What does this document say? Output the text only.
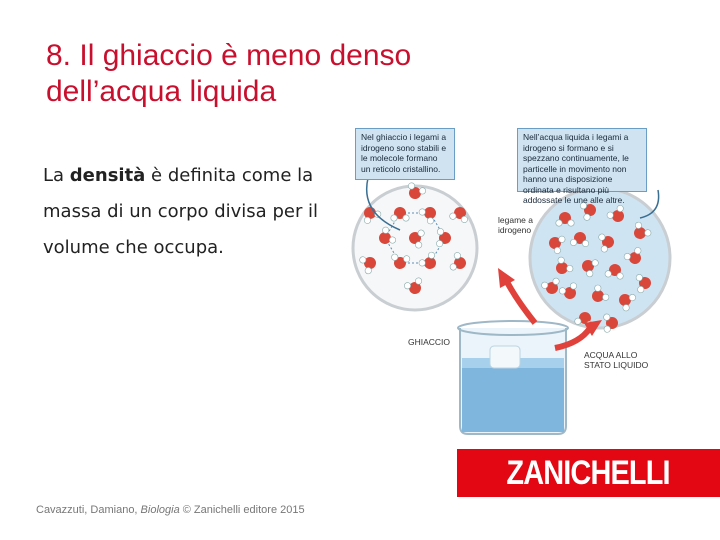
8. Il ghiaccio è meno denso dell’acqua liquida
La densità è definita come la massa di un corpo divisa per il volume che occupa.
Nel ghiaccio i legami a idrogeno sono stabili e le molecole formano un reticolo cristallino.
Nell’acqua liquida i legami a idrogeno si formano e si spezzano continuamente, le particelle in movimento non hanno una disposizione ordinata e risultano più addossate le une alle altre.
legame a idrogeno
GHIACCIO
ACQUA ALLO STATO LIQUIDO
Cavazzuti, Damiano, Biologia © Zanichelli editore 2015
ZANICHELLI
